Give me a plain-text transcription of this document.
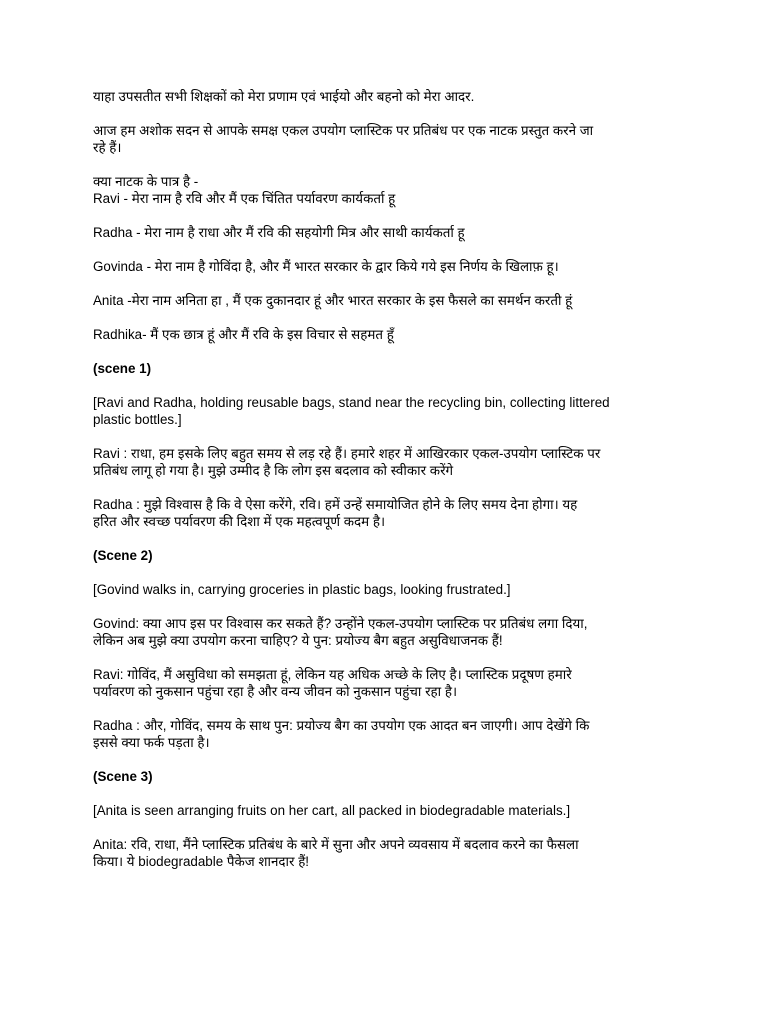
याहा उपसतीत सभी शिक्षकों को मेरा प्रणाम एवं भाईयो और बहनो को मेरा आदर.

आज हम अशोक सदन से आपके समक्ष एकल उपयोग प्लास्टिक पर प्रतिबंध पर एक नाटक प्रस्तुत करने जा
रहे हैं।

क्या नाटक के पात्र है -

Ravi - मेरा नाम है रवि और मैं एक चिंतित पर्यावरण कार्यकर्ता हू

Radha - मेरा नाम है राधा और मैं रवि की सहयोगी मित्र और साथी कार्यकर्ता हू

Govinda - मेरा नाम है गोविंदा है, और मैं भारत सरकार के द्वार किये गये इस निर्णय के खिलाफ़ हू।

Anita -मेरा नाम अनिता हा , मैं एक दुकानदार हूं और भारत सरकार के इस फैसले का समर्थन करती हूं

Radhika- मैं एक छात्र हूं और मैं रवि के इस विचार से सहमत हूँ

(scene 1)

[Ravi and Radha, holding reusable bags, stand near the recycling bin, collecting littered
plastic bottles.]

Ravi : राधा, हम इसके लिए बहुत समय से लड़ रहे हैं। हमारे शहर में आखिरकार एकल-उपयोग प्लास्टिक पर
प्रतिबंध लागू हो गया है। मुझे उम्मीद है कि लोग इस बदलाव को स्वीकार करेंगे

Radha : मुझे विश्वास है कि वे ऐसा करेंगे, रवि। हमें उन्हें समायोजित होने के लिए समय देना होगा। यह
हरित और स्वच्छ पर्यावरण की दिशा में एक महत्वपूर्ण कदम है।

(Scene 2)

[Govind walks in, carrying groceries in plastic bags, looking frustrated.]

Govind: क्या आप इस पर विश्वास कर सकते हैं? उन्होंने एकल-उपयोग प्लास्टिक पर प्रतिबंध लगा दिया,
लेकिन अब मुझे क्या उपयोग करना चाहिए? ये पुन: प्रयोज्य बैग बहुत असुविधाजनक हैं!

Ravi: गोविंद, मैं असुविधा को समझता हूं, लेकिन यह अधिक अच्छे के लिए है। प्लास्टिक प्रदूषण हमारे
पर्यावरण को नुकसान पहुंचा रहा है और वन्य जीवन को नुकसान पहुंचा रहा है।

Radha : और, गोविंद, समय के साथ पुन: प्रयोज्य बैग का उपयोग एक आदत बन जाएगी। आप देखेंगे कि
इससे क्या फर्क पड़ता है।

(Scene 3)

[Anita is seen arranging fruits on her cart, all packed in biodegradable materials.]

Anita: रवि, राधा, मैंने प्लास्टिक प्रतिबंध के बारे में सुना और अपने व्यवसाय में बदलाव करने का फैसला
किया। ये biodegradable पैकेज शानदार हैं!
